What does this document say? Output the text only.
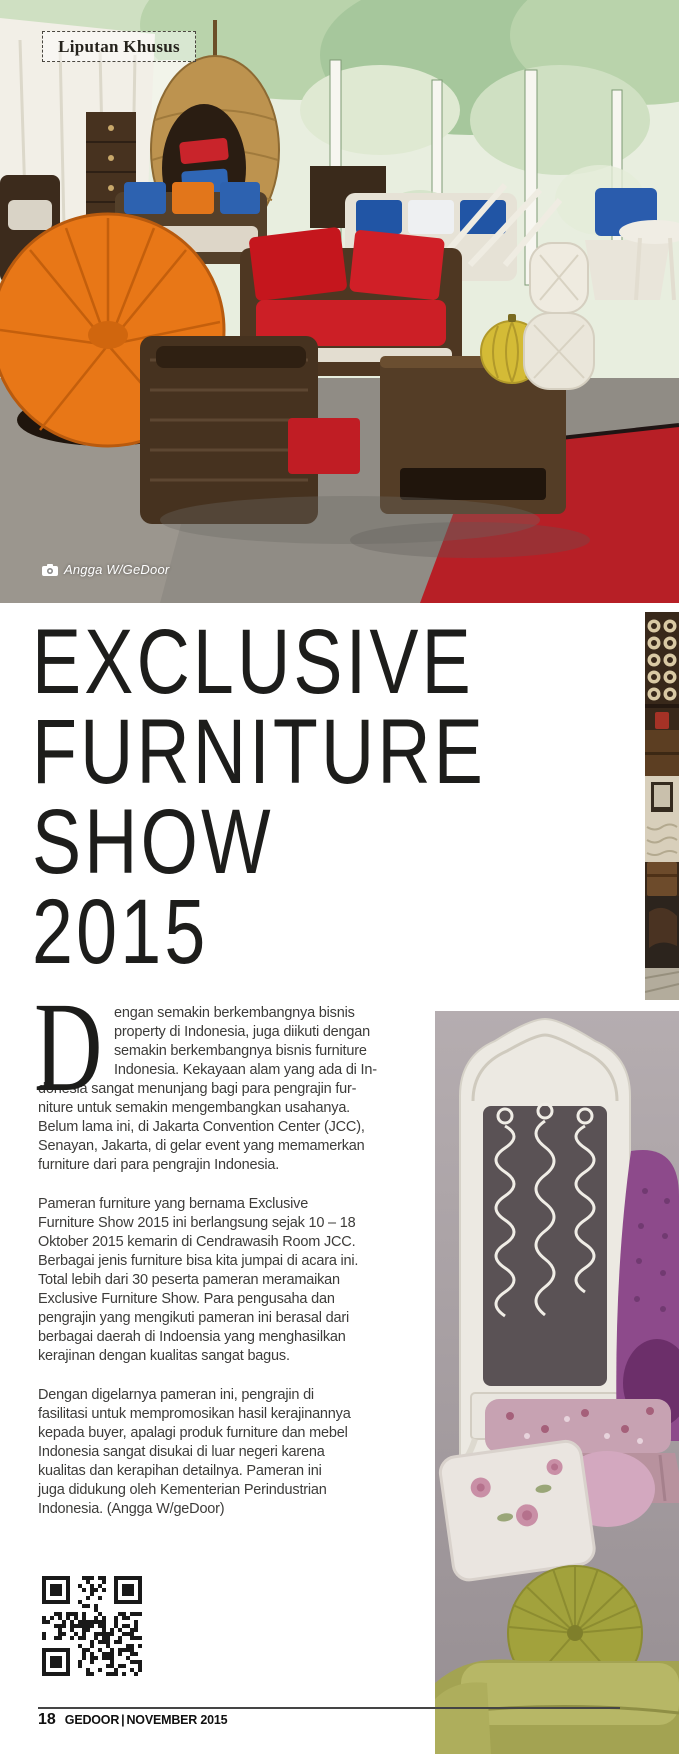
Liputan Khusus
Angga W/GeDoor
EXCLUSIVE
FURNITURE
SHOW
2015
D engan semakin berkembangnya bisnis
property di Indonesia, juga diikuti dengan
semakin berkembangnya bisnis furniture
Indonesia. Kekayaan alam yang ada di In-
donesia sangat menunjang bagi para pengrajin fur-
niture untuk semakin mengembangkan usahanya.
Belum lama ini, di Jakarta Convention Center (JCC),
Senayan, Jakarta, di gelar event yang memamerkan
furniture dari para pengrajin Indonesia.
Pameran furniture yang bernama Exclusive
Furniture Show 2015 ini berlangsung sejak 10 – 18
Oktober 2015 kemarin di Cendrawasih Room JCC.
Berbagai jenis furniture bisa kita jumpai di acara ini.
Total lebih dari 30 peserta pameran meramaikan
Exclusive Furniture Show. Para pengusaha dan
pengrajin yang mengikuti pameran ini berasal dari
berbagai daerah di Indoensia yang menghasilkan
kerajinan dengan kualitas sangat bagus.
Dengan digelarnya pameran ini, pengrajin di
fasilitasi untuk mempromosikan hasil kerajinannya
kepada buyer, apalagi produk furniture dan mebel
Indonesia sangat disukai di luar negeri karena
kualitas dan kerapihan detailnya. Pameran ini
juga didukung oleh Kementerian Perindustrian
Indonesia. (Angga W/geDoor)
18 GEDOOR | NOVEMBER 2015
